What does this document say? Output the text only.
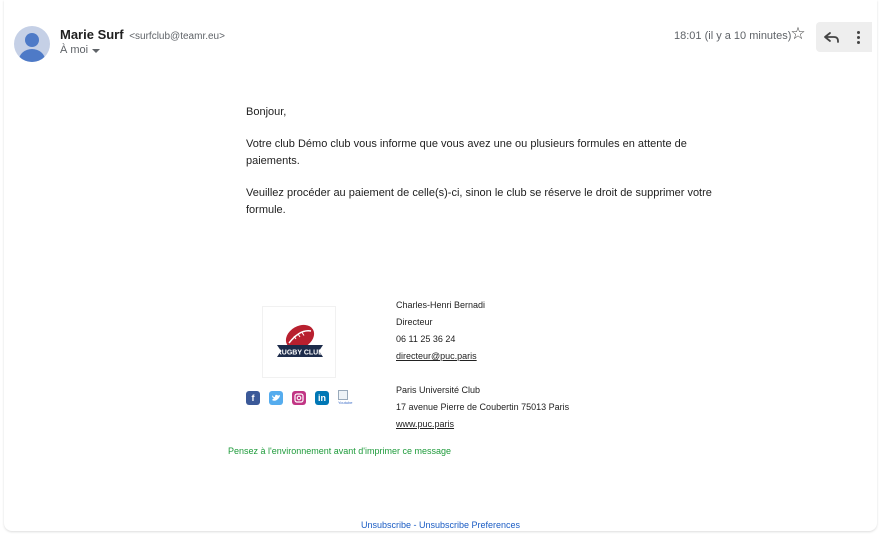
Marie Surf <surfclub@teamr.eu>
À moi
18:01 (il y a 10 minutes)
☆

Bonjour,

Votre club Démo club vous informe que vous avez une ou plusieurs formules en attente de paiements.

Veuillez procéder au paiement de celle(s)-ci, sinon le club se réserve le droit de supprimer votre formule.

RUGBY CLUB
Charles-Henri Bernadi
Directeur
06 11 25 36 24
directeur@puc.paris
Paris Université Club
17 avenue Pierre de Coubertin 75013 Paris
www.puc.paris
f	in	Youtube
Pensez à l'environnement avant d'imprimer ce message
Unsubscribe - Unsubscribe Preferences
